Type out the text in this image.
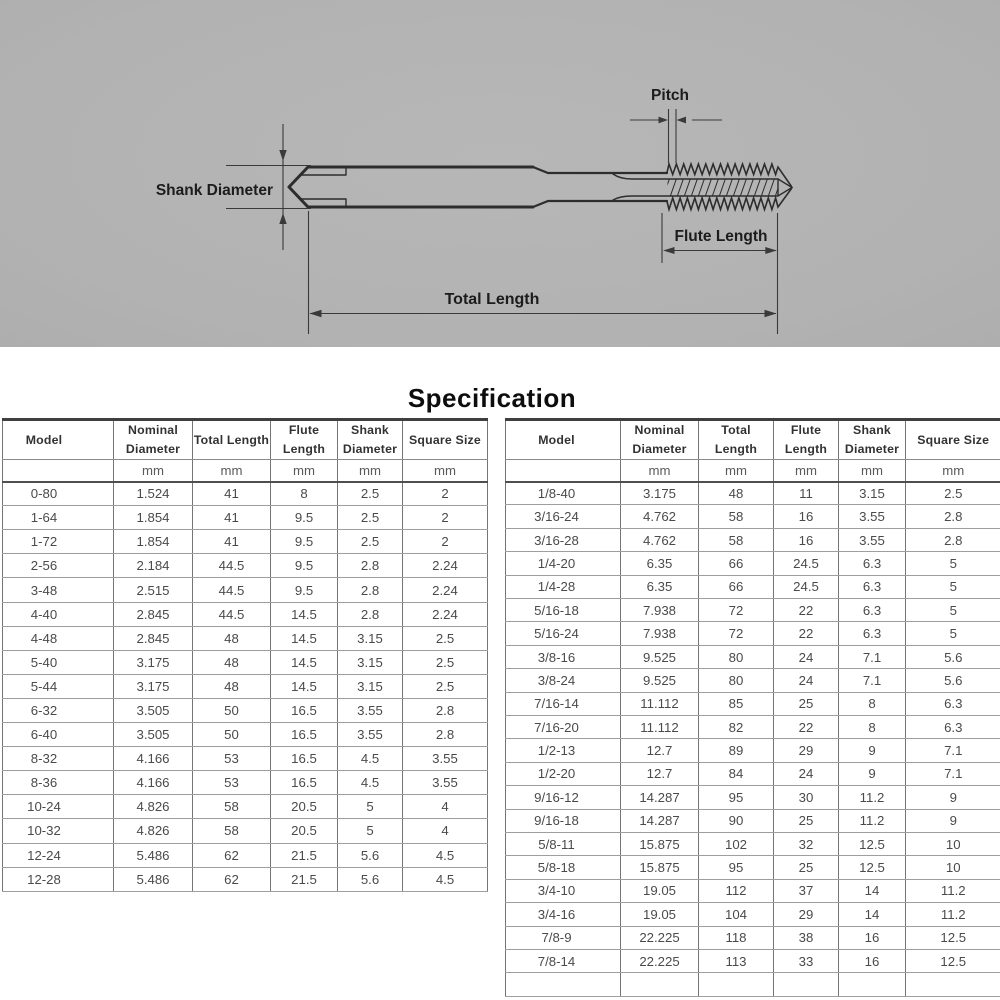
Pitch
Shank Diameter
Flute Length
Total Length
Specification
Model	Nominal Diameter	Total Length	Flute Length	Shank Diameter	Square Size
	mm	mm	mm	mm	mm
0-80	1.524	41	8	2.5	2
1-64	1.854	41	9.5	2.5	2
1-72	1.854	41	9.5	2.5	2
2-56	2.184	44.5	9.5	2.8	2.24
3-48	2.515	44.5	9.5	2.8	2.24
4-40	2.845	44.5	14.5	2.8	2.24
4-48	2.845	48	14.5	3.15	2.5
5-40	3.175	48	14.5	3.15	2.5
5-44	3.175	48	14.5	3.15	2.5
6-32	3.505	50	16.5	3.55	2.8
6-40	3.505	50	16.5	3.55	2.8
8-32	4.166	53	16.5	4.5	3.55
8-36	4.166	53	16.5	4.5	3.55
10-24	4.826	58	20.5	5	4
10-32	4.826	58	20.5	5	4
12-24	5.486	62	21.5	5.6	4.5
12-28	5.486	62	21.5	5.6	4.5
Model	Nominal Diameter	Total Length	Flute Length	Shank Diameter	Square Size
	mm	mm	mm	mm	mm
1/8-40	3.175	48	11	3.15	2.5
3/16-24	4.762	58	16	3.55	2.8
3/16-28	4.762	58	16	3.55	2.8
1/4-20	6.35	66	24.5	6.3	5
1/4-28	6.35	66	24.5	6.3	5
5/16-18	7.938	72	22	6.3	5
5/16-24	7.938	72	22	6.3	5
3/8-16	9.525	80	24	7.1	5.6
3/8-24	9.525	80	24	7.1	5.6
7/16-14	11.112	85	25	8	6.3
7/16-20	11.112	82	22	8	6.3
1/2-13	12.7	89	29	9	7.1
1/2-20	12.7	84	24	9	7.1
9/16-12	14.287	95	30	11.2	9
9/16-18	14.287	90	25	11.2	9
5/8-11	15.875	102	32	12.5	10
5/8-18	15.875	95	25	12.5	10
3/4-10	19.05	112	37	14	11.2
3/4-16	19.05	104	29	14	11.2
7/8-9	22.225	118	38	16	12.5
7/8-14	22.225	113	33	16	12.5
